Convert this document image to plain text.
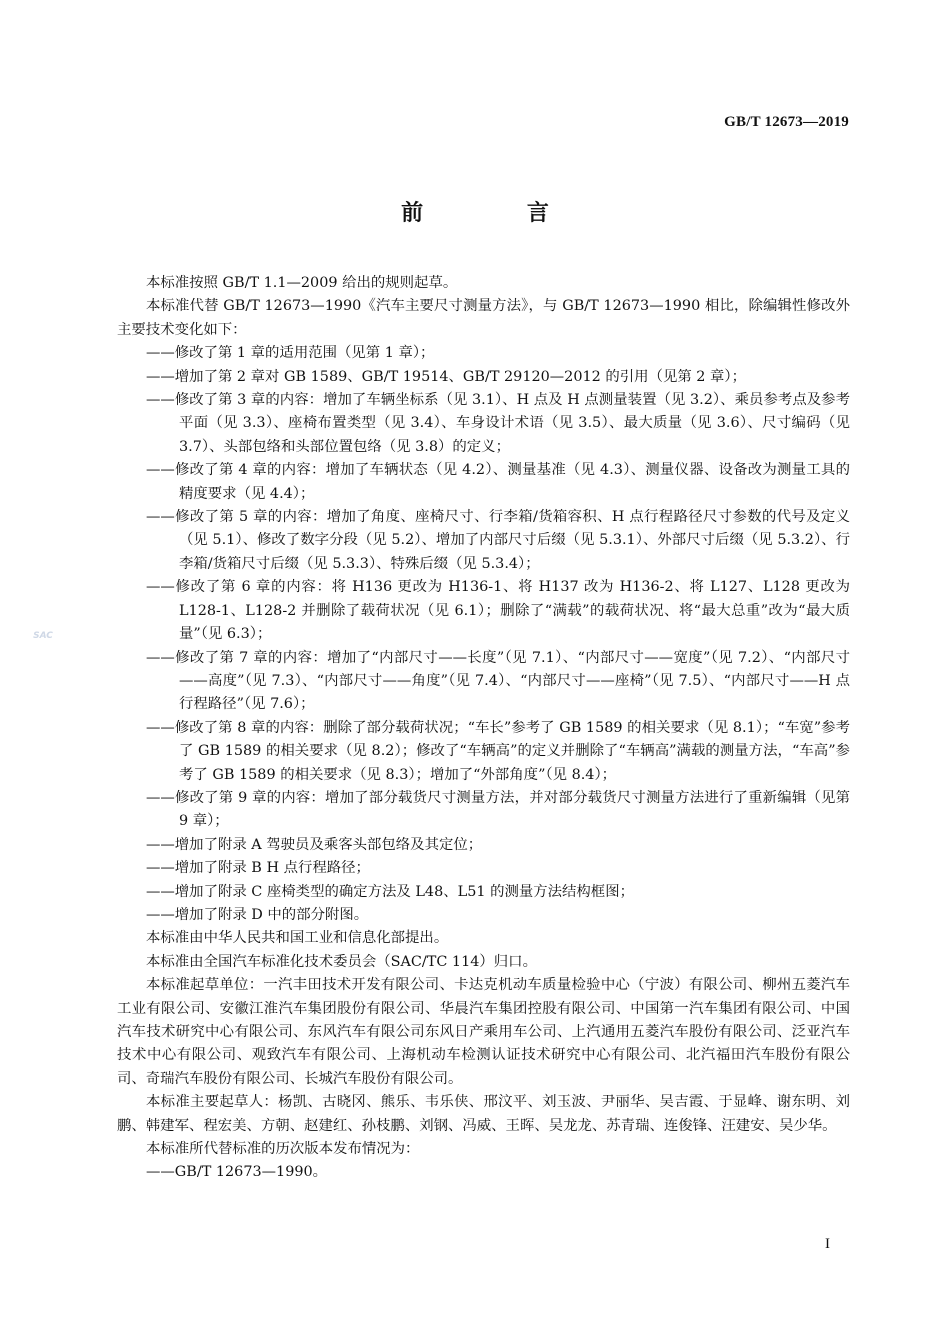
GB/T 12673—2019
前 言
SAC

本标准按照 GB/T 1.1—2009 给出的规则起草。

本标准代替 GB/T 12673—1990《汽车主要尺寸测量方法》，与 GB/T 12673—1990 相比，除编辑性修改外主要技术变化如下：

——修改了第 1 章的适用范围（见第 1 章）；

——增加了第 2 章对 GB 1589、GB/T 19514、GB/T 29120—2012 的引用（见第 2 章）；

——修改了第 3 章的内容：增加了车辆坐标系（见 3.1）、H 点及 H 点测量装置（见 3.2）、乘员参考点及参考平面（见 3.3）、座椅布置类型（见 3.4）、车身设计术语（见 3.5）、最大质量（见 3.6）、尺寸编码（见 3.7）、头部包络和头部位置包络（见 3.8）的定义；

——修改了第 4 章的内容：增加了车辆状态（见 4.2）、测量基准（见 4.3）、测量仪器、设备改为测量工具的精度要求（见 4.4）；

——修改了第 5 章的内容：增加了角度、座椅尺寸、行李箱/货箱容积、H 点行程路径尺寸参数的代号及定义（见 5.1）、修改了数字分段（见 5.2）、增加了内部尺寸后缀（见 5.3.1）、外部尺寸后缀（见 5.3.2）、行李箱/货箱尺寸后缀（见 5.3.3）、特殊后缀（见 5.3.4）；

——修改了第 6 章的内容：将 H136 更改为 H136-1、将 H137 改为 H136-2、将 L127、L128 更改为 L128-1、L128-2 并删除了载荷状况（见 6.1）；删除了“满载”的载荷状况、将“最大总重”改为“最大质量”（见 6.3）；

——修改了第 7 章的内容：增加了“内部尺寸——长度”（见 7.1）、“内部尺寸——宽度”（见 7.2）、“内部尺寸——高度”（见 7.3）、“内部尺寸——角度”（见 7.4）、“内部尺寸——座椅”（见 7.5）、“内部尺寸——H 点行程路径”（见 7.6）；

——修改了第 8 章的内容：删除了部分载荷状况；“车长”参考了 GB 1589 的相关要求（见 8.1）；“车宽”参考了 GB 1589 的相关要求（见 8.2）；修改了“车辆高”的定义并删除了“车辆高”满载的测量方法，“车高”参考了 GB 1589 的相关要求（见 8.3）；增加了“外部角度”（见 8.4）；

——修改了第 9 章的内容：增加了部分载货尺寸测量方法，并对部分载货尺寸测量方法进行了重新编辑（见第 9 章）；

——增加了附录 A 驾驶员及乘客头部包络及其定位；

——增加了附录 B H 点行程路径；

——增加了附录 C 座椅类型的确定方法及 L48、L51 的测量方法结构框图；

——增加了附录 D 中的部分附图。

本标准由中华人民共和国工业和信息化部提出。

本标准由全国汽车标准化技术委员会（SAC/TC 114）归口。

本标准起草单位：一汽丰田技术开发有限公司、卡达克机动车质量检验中心（宁波）有限公司、柳州五菱汽车工业有限公司、安徽江淮汽车集团股份有限公司、华晨汽车集团控股有限公司、中国第一汽车集团有限公司、中国汽车技术研究中心有限公司、东风汽车有限公司东风日产乘用车公司、上汽通用五菱汽车股份有限公司、泛亚汽车技术中心有限公司、观致汽车有限公司、上海机动车检测认证技术研究中心有限公司、北汽福田汽车股份有限公司、奇瑞汽车股份有限公司、长城汽车股份有限公司。

本标准主要起草人：杨凯、古晓冈、熊乐、韦乐侠、邢汶平、刘玉波、尹丽华、吴吉霞、于显峰、谢东明、刘鹏、韩建军、程宏美、方朝、赵建红、孙枝鹏、刘钢、冯威、王晖、吴龙龙、苏青瑞、连俊锋、汪建安、吴少华。

本标准所代替标准的历次版本发布情况为：

——GB/T 12673—1990。

I
